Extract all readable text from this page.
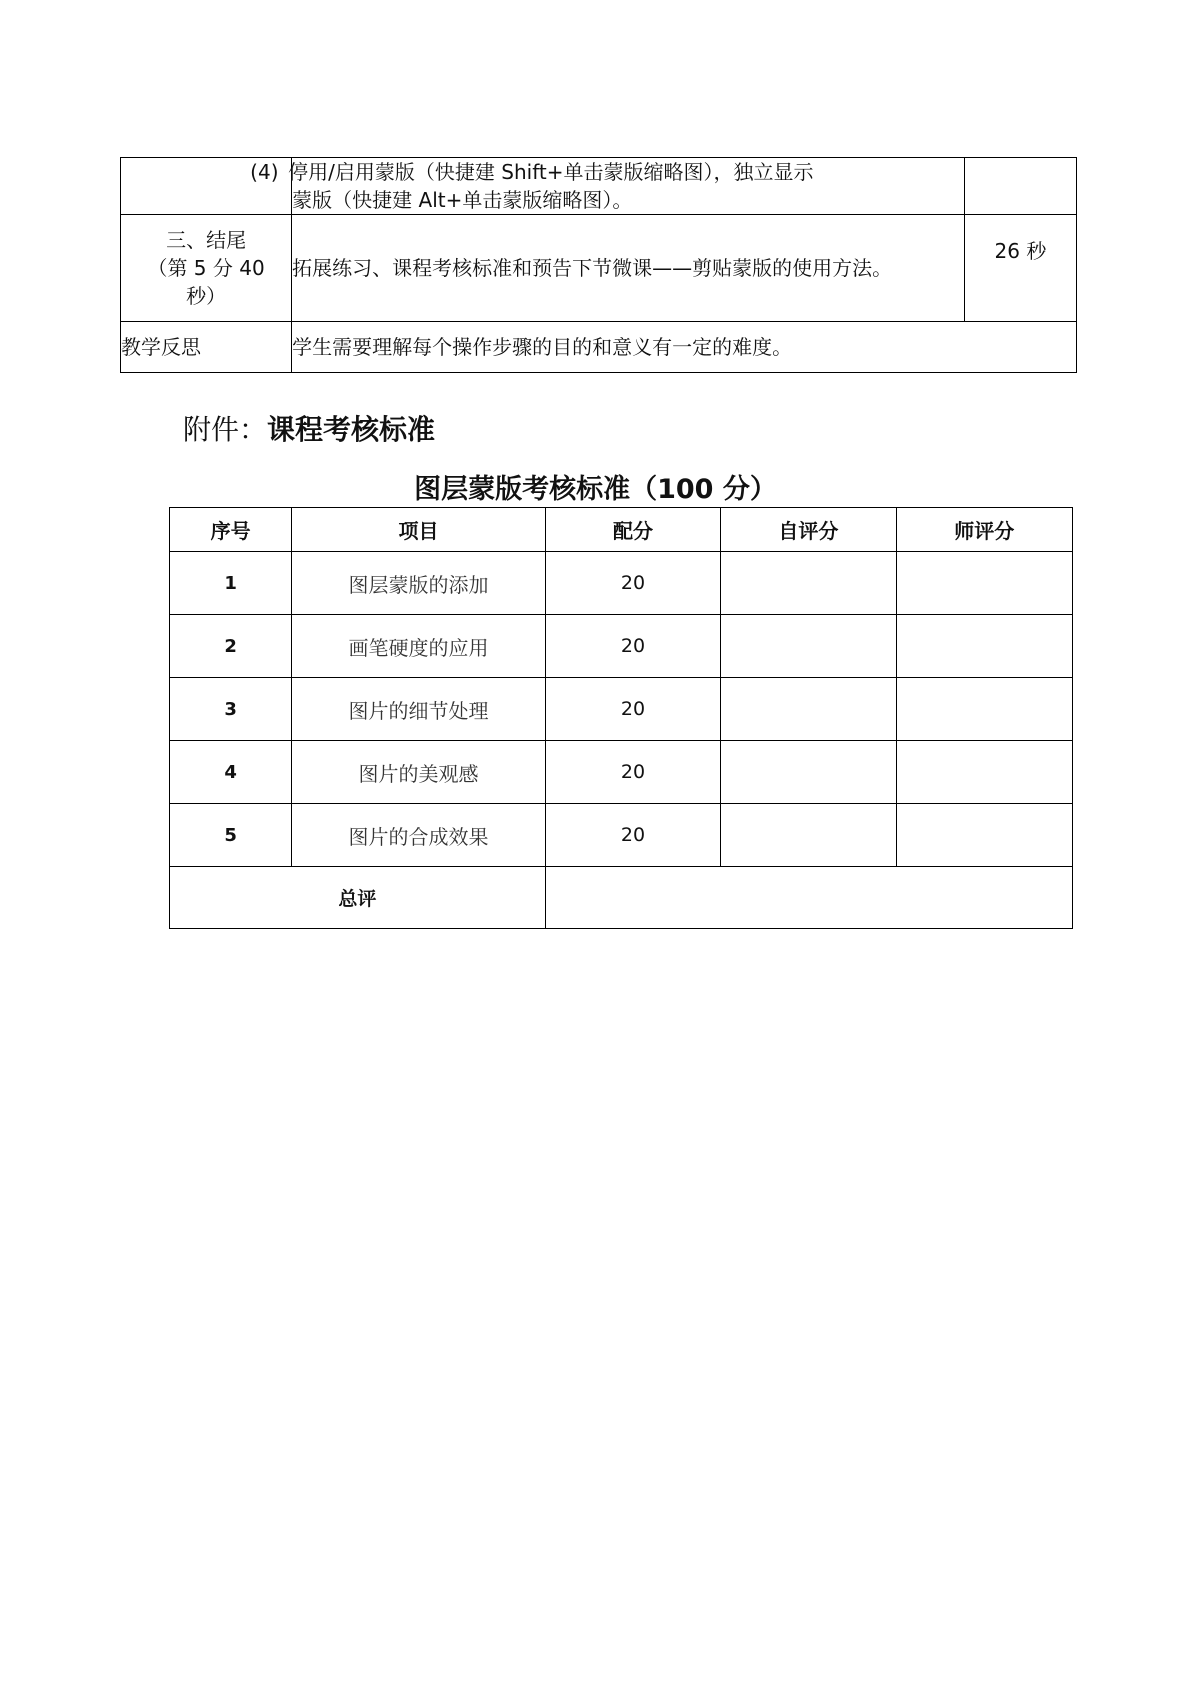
	(4) 停用/启用蒙版（快捷建 Shift+单击蒙版缩略图），独立显示
蒙版（快捷建 Alt+单击蒙版缩略图）。	

三、结尾
（第 5 分 40
秒）	拓展练习、课程考核标准和预告下节微课——剪贴蒙版的使用方法。	26 秒
教学反思	学生需要理解每个操作步骤的目的和意义有一定的难度。	
附件：课程考核标准
图层蒙版考核标准（100 分）
序号	项目	配分	自评分	师评分
1	图层蒙版的添加	20		
2	画笔硬度的应用	20		
3	图片的细节处理	20		
4	图片的美观感	20		
5	图片的合成效果	20		
总评				
